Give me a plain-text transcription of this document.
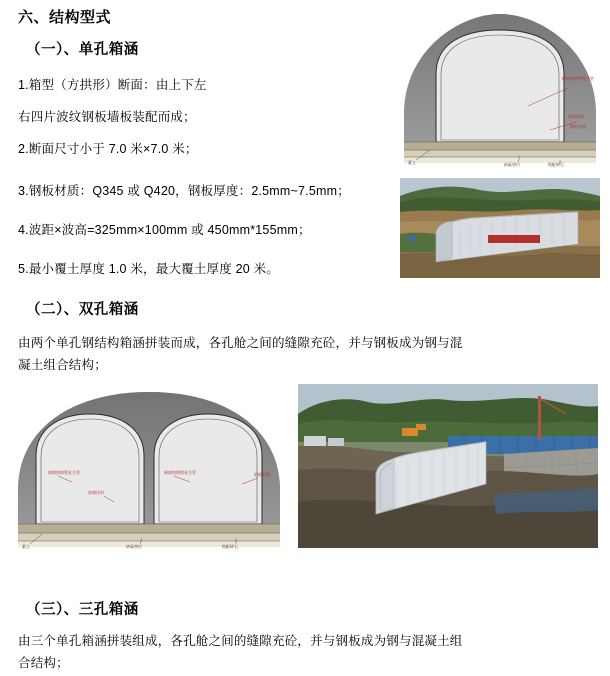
六、结构型式
（一）、单孔箱涵
1.箱型（方拱形）断面：由上下左
右四片波纹钢板墙板装配而成；
2.断面尺寸小于 7.0 米×7.0 米；
3.钢板材质：Q345 或 Q420，钢板厚度：2.5mm~7.5mm；
4.波距×波高=325mm×100mm 或 450mm*155mm；
5.最小覆土厚度 1.0 米，最大覆土厚度 20 米。
（二）、双孔箱涵
由两个单孔钢结构箱涵拼装而成，各孔舱之间的缝隙充砼，并与钢板成为钢与混
凝土组合结构；
（三）、三孔箱涵
由三个单孔箱涵拼装组成，各孔舱之间的缝隙充砼，并与钢板成为钢与混凝土组
合结构；
耐腐蚀钢塑复合管
防腐涂料
钢板外侧
素土	砂砾垫层	级配碎石
耐腐蚀钢塑复合管	耐腐蚀钢塑复合管
防腐涂料
钢板外侧
素土	砂砾垫层	级配碎石
